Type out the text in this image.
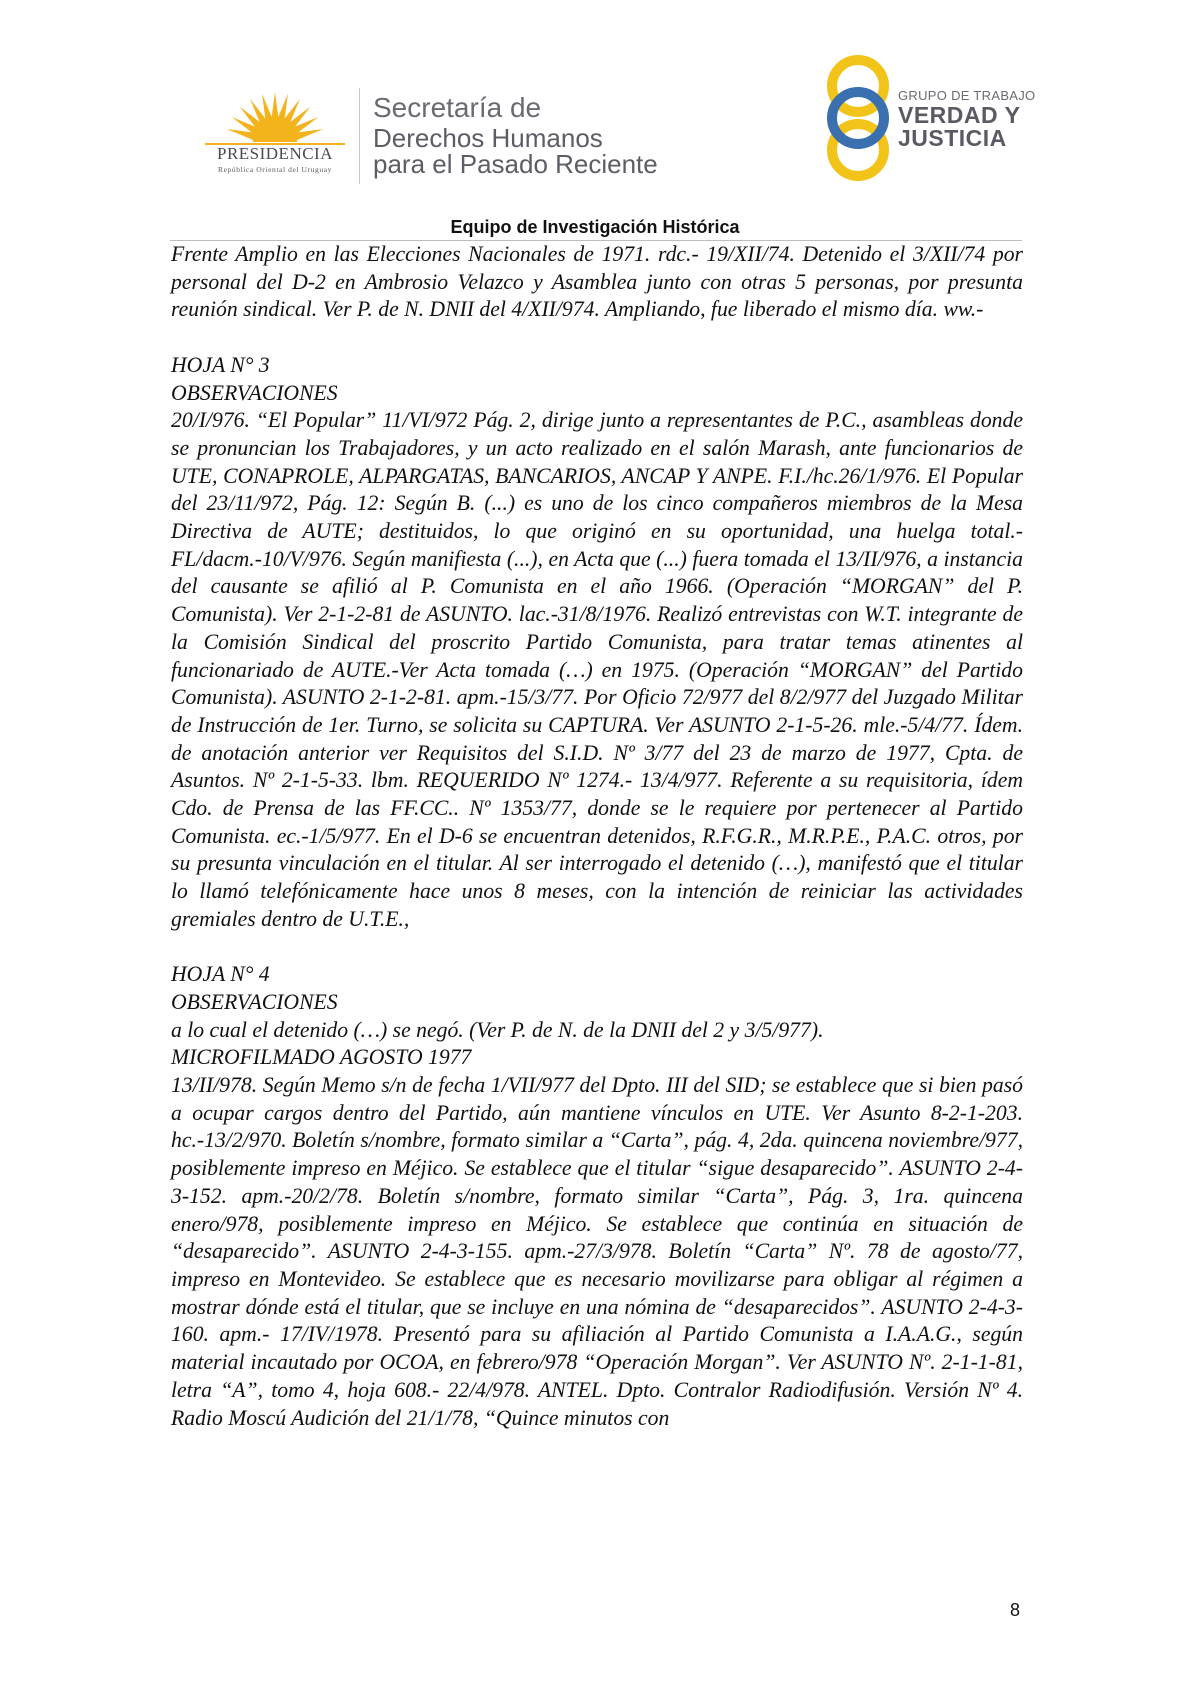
PRESIDENCIA
República Oriental del Uruguay
Secretaría de
Derechos Humanos
para el Pasado Reciente
GRUPO DE TRABAJO
VERDAD Y
JUSTICIA
Equipo de Investigación Histórica

Frente Amplio en las Elecciones Nacionales de 1971. rdc.- 19/XII/74. Detenido el 3/XII/74 por personal del D-2 en Ambrosio Velazco y Asamblea junto con otras 5 personas, por presunta reunión sindical. Ver P. de N. DNII del 4/XII/974. Ampliando, fue liberado el mismo día. ww.-

HOJA N° 3

OBSERVACIONES

20/I/976. “El Popular” 11/VI/972 Pág. 2, dirige junto a representantes de P.C., asambleas donde se pronuncian los Trabajadores, y un acto realizado en el salón Marash, ante funcionarios de UTE, CONAPROLE, ALPARGATAS, BANCARIOS, ANCAP Y ANPE. F.I./hc.26/1/976. El Popular del 23/11/972, Pág. 12: Según B. (...) es uno de los cinco compañeros miembros de la Mesa Directiva de AUTE; destituidos, lo que originó en su oportunidad, una huelga total.- FL/dacm.-10/V/976. Según manifiesta (...), en Acta que (...) fuera tomada el 13/II/976, a instancia del causante se afilió al P. Comunista en el año 1966. (Operación “MORGAN” del P. Comunista). Ver 2-1-2-81 de ASUNTO. lac.-31/8/1976. Realizó entrevistas con W.T. integrante de la Comisión Sindical del proscrito Partido Comunista, para tratar temas atinentes al funcionariado de AUTE.-Ver Acta tomada (…) en 1975. (Operación “MORGAN” del Partido Comunista). ASUNTO 2-1-2-81. apm.-15/3/77. Por Oficio 72/977 del 8/2/977 del Juzgado Militar de Instrucción de 1er. Turno, se solicita su CAPTURA. Ver ASUNTO 2-1-5-26. mle.-5/4/77. Ídem. de anotación anterior ver Requisitos del S.I.D. Nº 3/77 del 23 de marzo de 1977, Cpta. de Asuntos. Nº 2-1-5-33. lbm. REQUERIDO Nº 1274.- 13/4/977. Referente a su requisitoria, ídem Cdo. de Prensa de las FF.CC.. Nº 1353/77, donde se le requiere por pertenecer al Partido Comunista. ec.-1/5/977. En el D-6 se encuentran detenidos, R.F.G.R., M.R.P.E., P.A.C. otros, por su presunta vinculación en el titular. Al ser interrogado el detenido (…), manifestó que el titular lo llamó telefónicamente hace unos 8 meses, con la intención de reiniciar las actividades gremiales dentro de U.T.E.,

HOJA N° 4

OBSERVACIONES

a lo cual el detenido (…) se negó. (Ver P. de N. de la DNII del 2 y 3/5/977).

MICROFILMADO AGOSTO 1977

13/II/978. Según Memo s/n de fecha 1/VII/977 del Dpto. III del SID; se establece que si bien pasó a ocupar cargos dentro del Partido, aún mantiene vínculos en UTE. Ver Asunto 8-2-1-203. hc.-13/2/970. Boletín s/nombre, formato similar a “Carta”, pág. 4, 2da. quincena noviembre/977, posiblemente impreso en Méjico. Se establece que el titular “sigue desaparecido”. ASUNTO 2-4-3-152. apm.-20/2/78. Boletín s/nombre, formato similar “Carta”, Pág. 3, 1ra. quincena enero/978, posiblemente impreso en Méjico. Se establece que continúa en situación de “desaparecido”. ASUNTO 2-4-3-155. apm.-27/3/978. Boletín “Carta” Nº. 78 de agosto/77, impreso en Montevideo. Se establece que es necesario movilizarse para obligar al régimen a mostrar dónde está el titular, que se incluye en una nómina de “desaparecidos”. ASUNTO 2-4-3-160. apm.- 17/IV/1978. Presentó para su afiliación al Partido Comunista a I.A.A.G., según material incautado por OCOA, en febrero/978 “Operación Morgan”. Ver ASUNTO Nº. 2-1-1-81, letra “A”, tomo 4, hoja 608.- 22/4/978. ANTEL. Dpto. Contralor Radiodifusión. Versión Nº 4. Radio Moscú Audición del 21/1/78, “Quince minutos con

8
